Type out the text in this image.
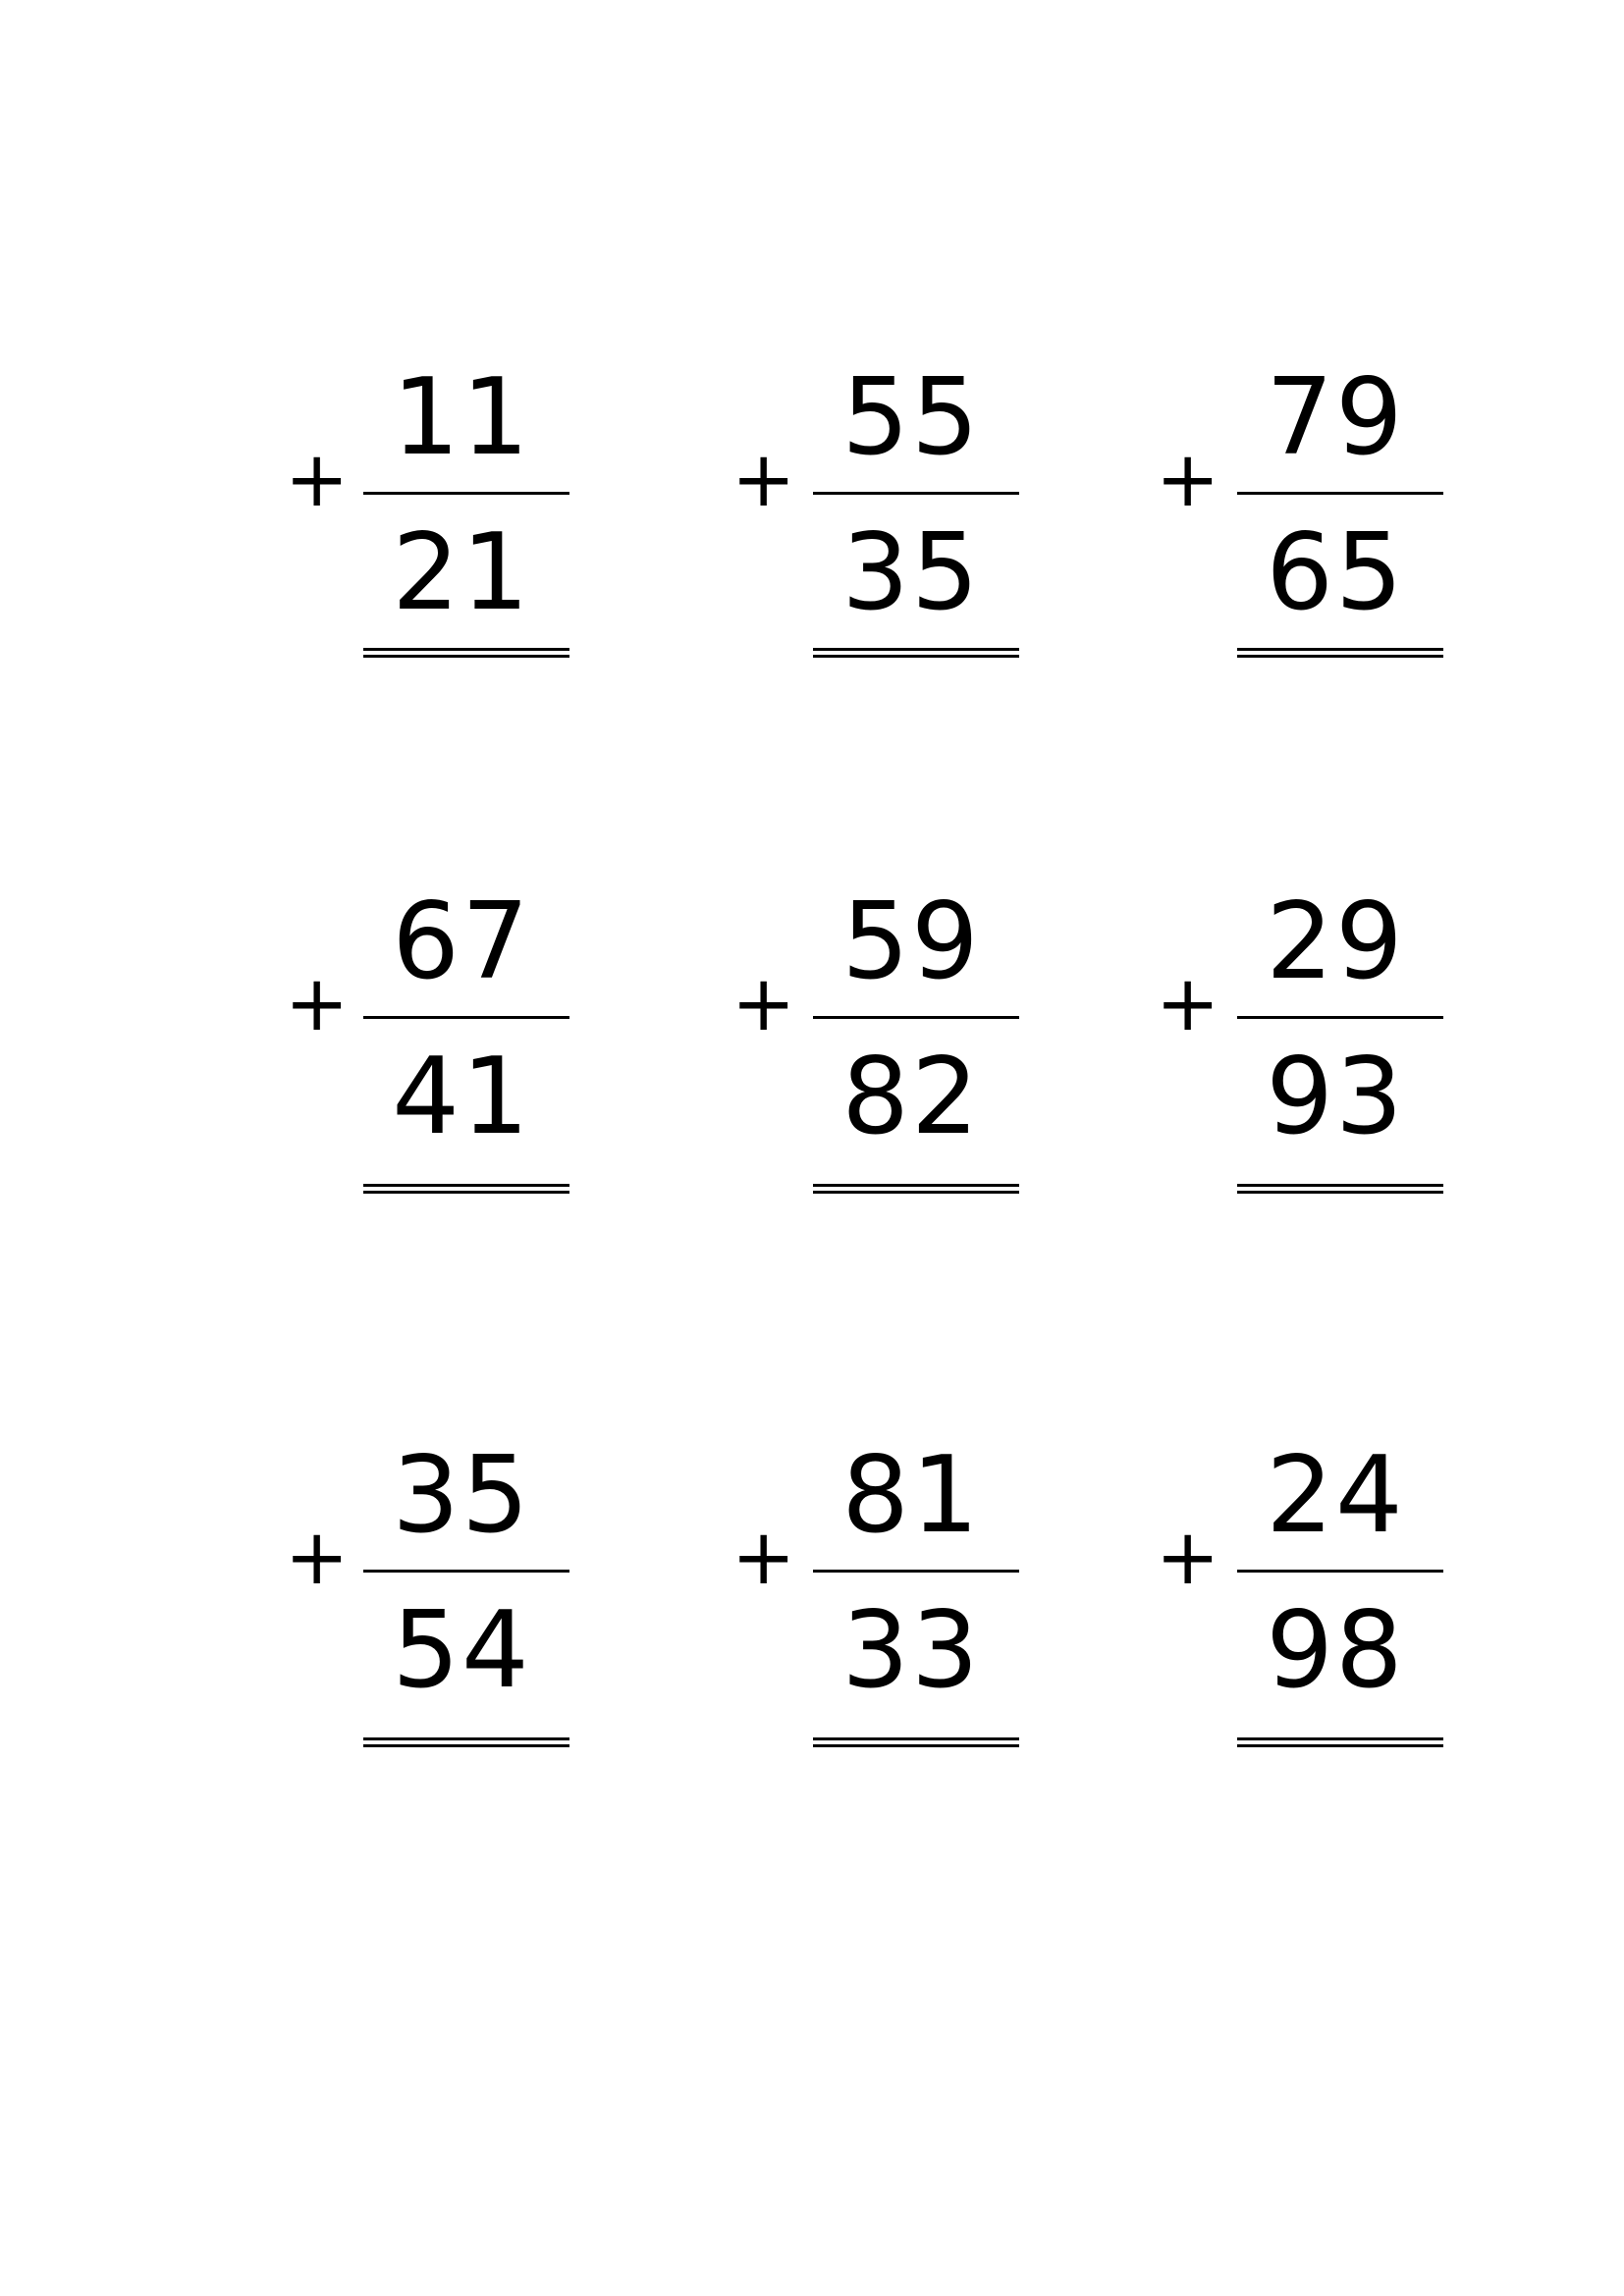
+
11
21
+
55
35
+
79
65
+
67
41
+
59
82
+
29
93
+
35
54
+
81
33
+
24
98
